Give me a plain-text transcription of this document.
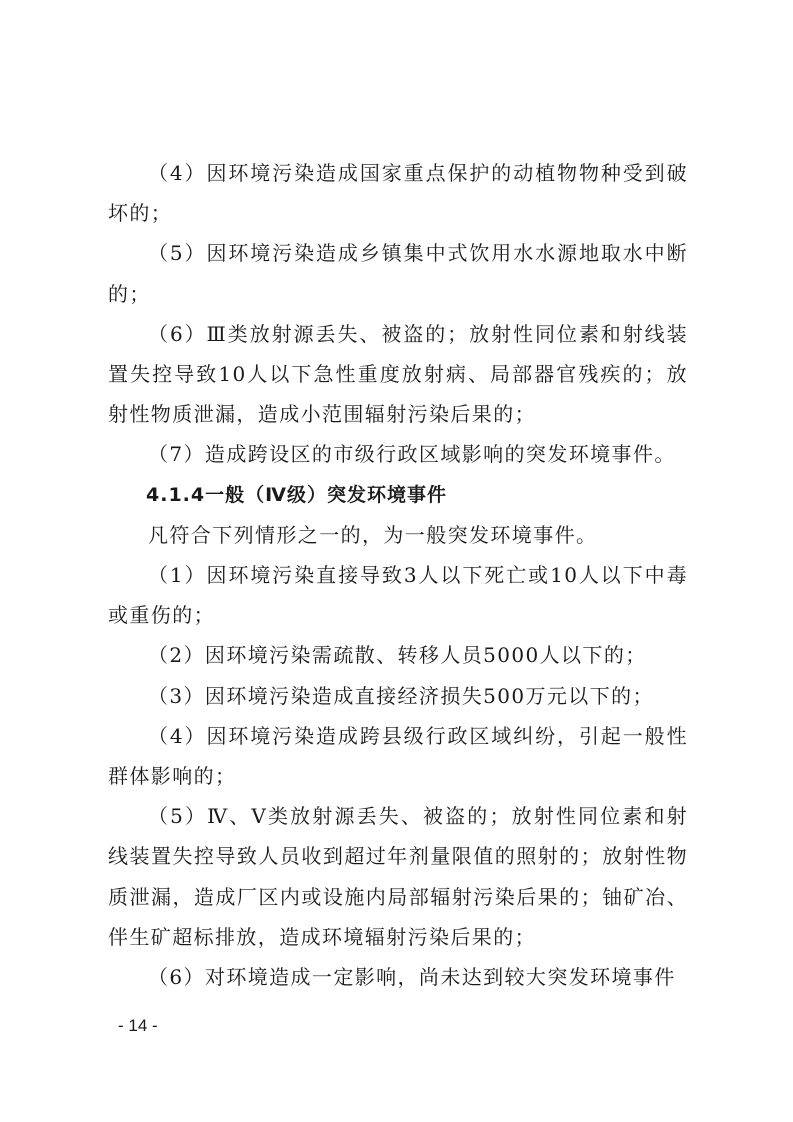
（4）因环境污染造成国家重点保护的动植物物种受到破坏的；

（5）因环境污染造成乡镇集中式饮用水水源地取水中断的；

（6）Ⅲ类放射源丢失、被盗的；放射性同位素和射线装置失控导致10人以下急性重度放射病、局部器官残疾的；放射性物质泄漏，造成小范围辐射污染后果的；

（7）造成跨设区的市级行政区域影响的突发环境事件。

4.1.4一般（Ⅳ级）突发环境事件

凡符合下列情形之一的，为一般突发环境事件。

（1）因环境污染直接导致3人以下死亡或10人以下中毒或重伤的；

（2）因环境污染需疏散、转移人员5000人以下的；

（3）因环境污染造成直接经济损失500万元以下的；

（4）因环境污染造成跨县级行政区域纠纷，引起一般性群体影响的；

（5）Ⅳ、Ⅴ类放射源丢失、被盗的；放射性同位素和射线装置失控导致人员收到超过年剂量限值的照射的；放射性物质泄漏，造成厂区内或设施内局部辐射污染后果的；铀矿冶、伴生矿超标排放，造成环境辐射污染后果的；

（6）对环境造成一定影响，尚未达到较大突发环境事件

- 14 -
